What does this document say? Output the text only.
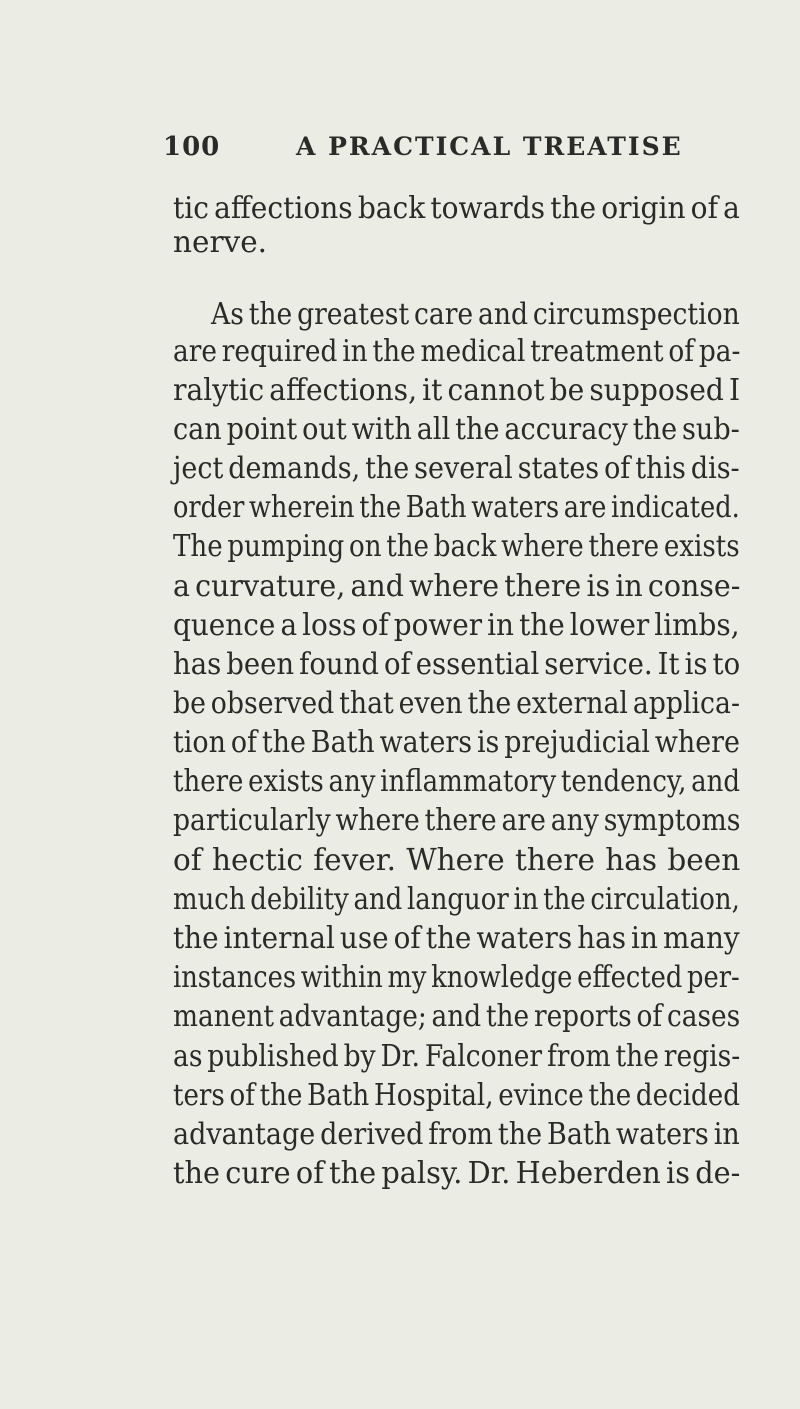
100	A PRACTICAL TREATISE
tic affections back towards the origin of a
nerve.
As the greatest care and circumspection
are required in the medical treatment of pa-
ralytic affections, it cannot be supposed I
can point out with all the accuracy the sub-
ject demands, the several states of this dis-
order wherein the Bath waters are indicated.
The pumping on the back where there exists
a curvature, and where there is in conse-
quence a loss of power in the lower limbs,
has been found of essential service. It is to
be observed that even the external applica-
tion of the Bath waters is prejudicial where
there exists any inflammatory tendency, and
particularly where there are any symptoms
of hectic fever. Where there has been
much debility and languor in the circulation,
the internal use of the waters has in many
instances within my knowledge effected per-
manent advantage; and the reports of cases
as published by Dr. Falconer from the regis-
ters of the Bath Hospital, evince the decided
advantage derived from the Bath waters in
the cure of the palsy. Dr. Heberden is de-
